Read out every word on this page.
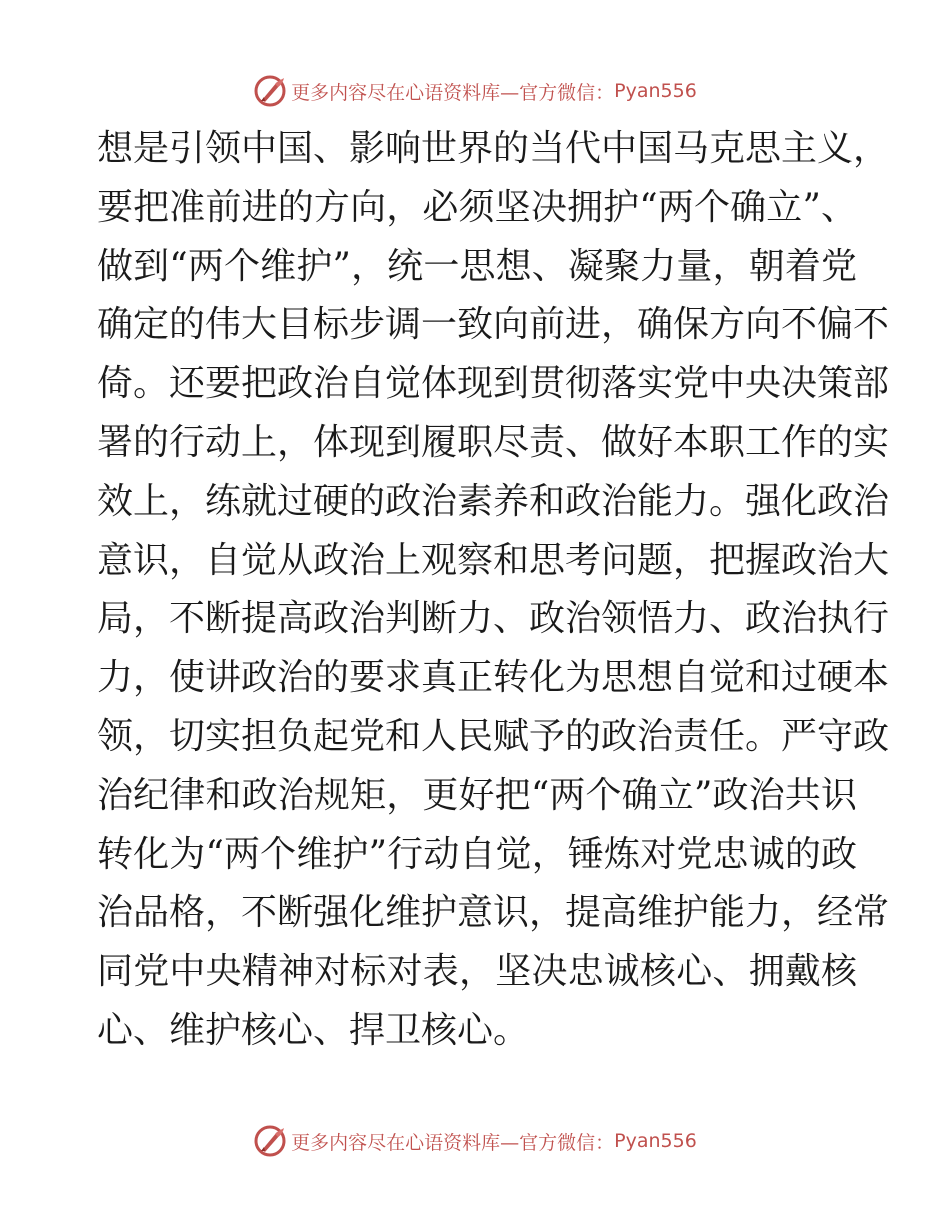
更多内容尽在心语资料库—官方微信： Pyan556
想是引领中国、影响世界的当代中国马克思主义，
要把准前进的方向，必须坚决拥护“两个确立”、
做到“两个维护”，统一思想、凝聚力量，朝着党
确定的伟大目标步调一致向前进，确保方向不偏不
倚。还要把政治自觉体现到贯彻落实党中央决策部
署的行动上，体现到履职尽责、做好本职工作的实
效上，练就过硬的政治素养和政治能力。强化政治
意识，自觉从政治上观察和思考问题，把握政治大
局，不断提高政治判断力、政治领悟力、政治执行
力，使讲政治的要求真正转化为思想自觉和过硬本
领，切实担负起党和人民赋予的政治责任。严守政
治纪律和政治规矩，更好把“两个确立”政治共识
转化为“两个维护”行动自觉，锤炼对党忠诚的政
治品格，不断强化维护意识，提高维护能力，经常
同党中央精神对标对表，坚决忠诚核心、拥戴核
心、维护核心、捍卫核心。
更多内容尽在心语资料库—官方微信： Pyan556
